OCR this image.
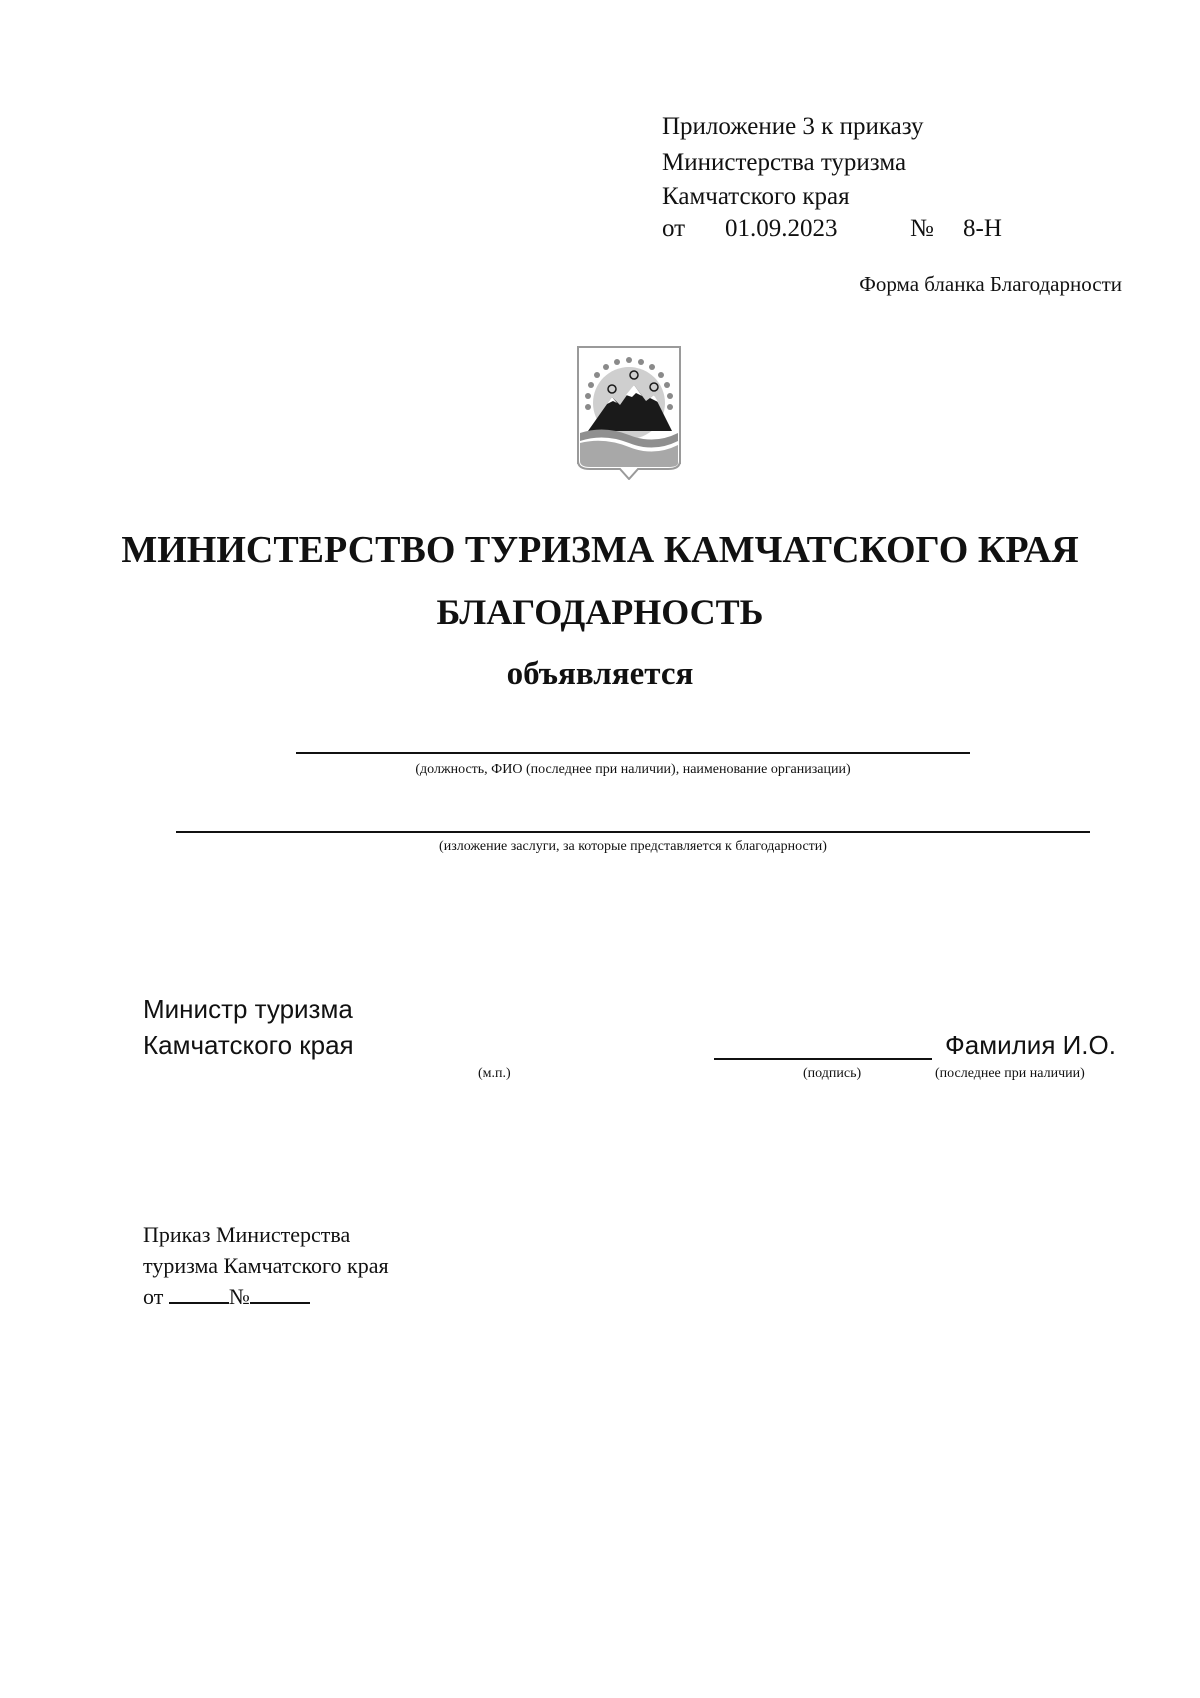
Приложение 3 к приказу
Министерства туризма
Камчатского края
от 01.09.2023	№ 8-Н
Форма бланка Благодарности
МИНИСТЕРСТВО ТУРИЗМА КАМЧАТСКОГО КРАЯ
БЛАГОДАРНОСТЬ
объявляется
(должность, ФИО (последнее при наличии), наименование организации)
(изложение заслуги, за которые представляется к благодарности)
Министр туризма
Камчатского края
(м.п.)	(подпись)
Фамилия И.О.
(последнее при наличии)
Приказ Министерства
туризма Камчатского края
от	№
